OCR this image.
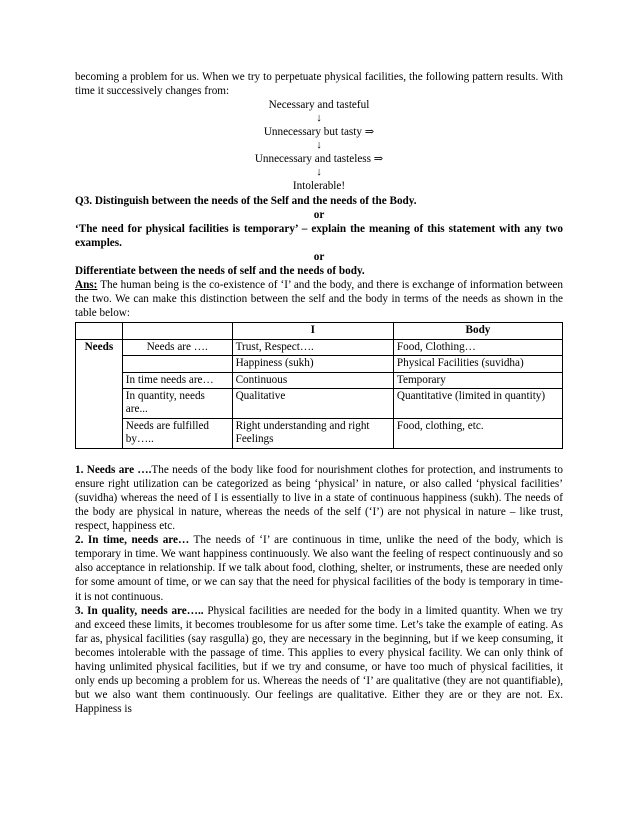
becoming a problem for us. When we try to perpetuate physical facilities, the following pattern results. With time it successively changes from:

Necessary and tasteful

↓

Unnecessary but tasty ⇒

↓

Unnecessary and tasteless ⇒

↓

Intolerable!

Q3. Distinguish between the needs of the Self and the needs of the Body.

or

‘The need for physical facilities is temporary’ – explain the meaning of this statement with any two examples.

or

Differentiate between the needs of self and the needs of body.

Ans: The human being is the co-existence of ‘I’ and the body, and there is exchange of information between the two. We can make this distinction between the self and the body in terms of the needs as shown in the table below:

		I	Body
Needs	Needs are ….	Trust, Respect….	Food, Clothing…
		Happiness (sukh)	Physical Facilities (suvidha)
	In time needs are…	Continuous	Temporary
	In quantity, needs are...	Qualitative	Quantitative (limited in quantity)
	Needs are fulfilled by…..	Right understanding and right Feelings	Food, clothing, etc.

1. Needs are ….The needs of the body like food for nourishment clothes for protection, and instruments to ensure right utilization can be categorized as being ‘physical’ in nature, or also called ‘physical facilities’ (suvidha) whereas the need of I is essentially to live in a state of continuous happiness (sukh). The needs of the body are physical in nature, whereas the needs of the self (‘I’) are not physical in nature – like trust, respect, happiness etc.

2. In time, needs are… The needs of ‘I’ are continuous in time, unlike the need of the body, which is temporary in time. We want happiness continuously. We also want the feeling of respect continuously and so also acceptance in relationship. If we talk about food, clothing, shelter, or instruments, these are needed only for some amount of time, or we can say that the need for physical facilities of the body is temporary in time- it is not continuous.

3. In quality, needs are….. Physical facilities are needed for the body in a limited quantity. When we try and exceed these limits, it becomes troublesome for us after some time. Let’s take the example of eating. As far as, physical facilities (say rasgulla) go, they are necessary in the beginning, but if we keep consuming, it becomes intolerable with the passage of time. This applies to every physical facility. We can only think of having unlimited physical facilities, but if we try and consume, or have too much of physical facilities, it only ends up becoming a problem for us. Whereas the needs of ‘I’ are qualitative (they are not quantifiable), but we also want them continuously. Our feelings are qualitative. Either they are or they are not. Ex. Happiness is
